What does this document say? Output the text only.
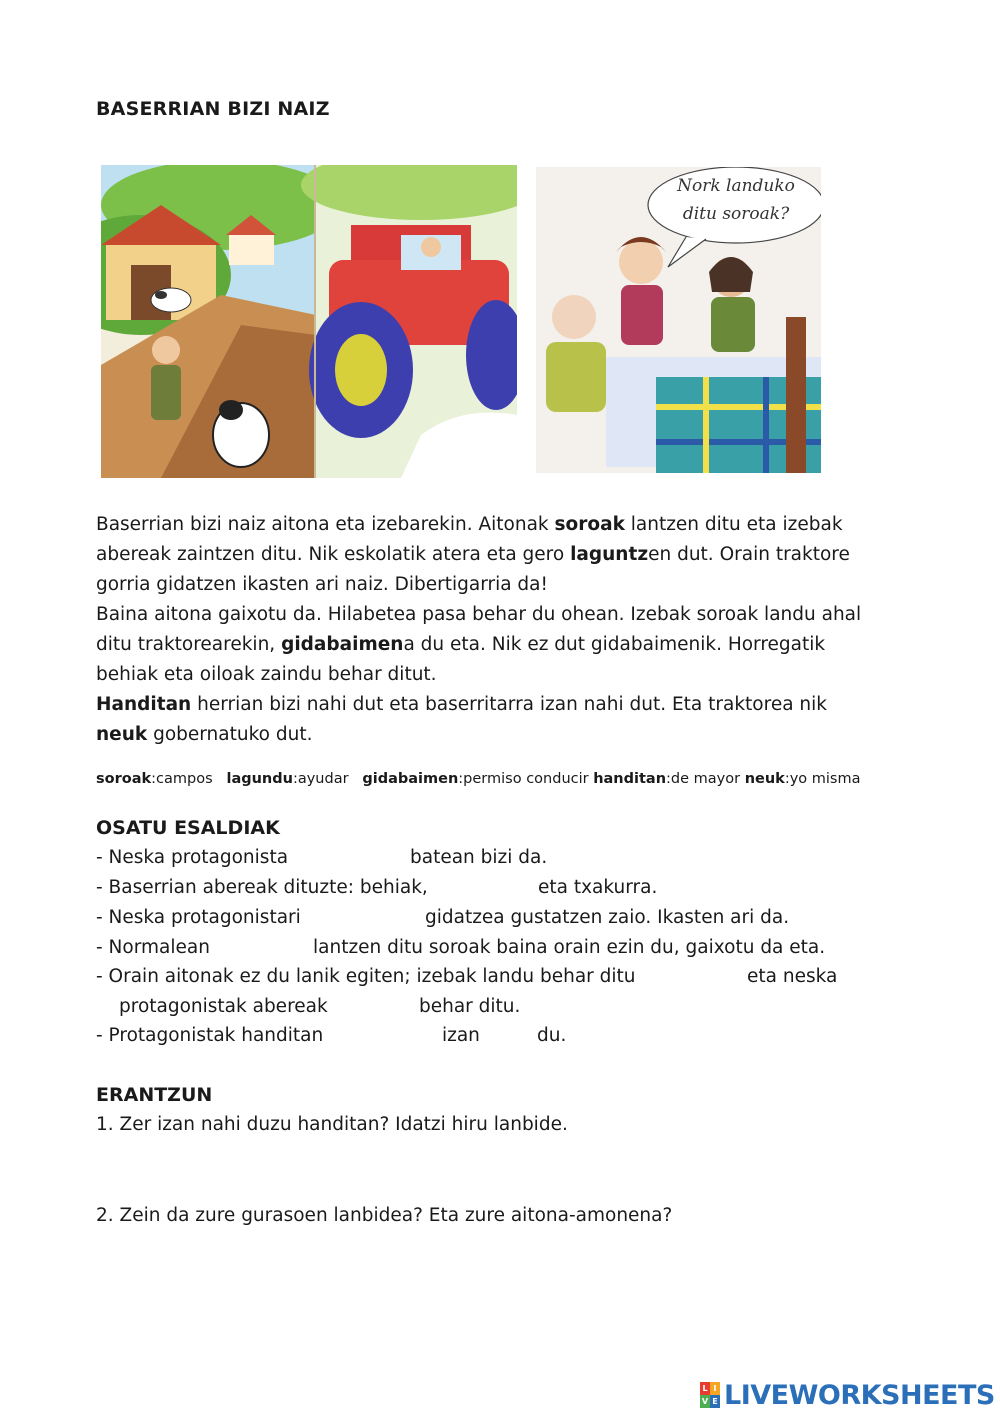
BASERRIAN BIZI NAIZ
Nork landuko
ditu soroak?
Baserrian bizi naiz aitona eta izebarekin. Aitonak soroak lantzen ditu eta izebak
abereak zaintzen ditu. Nik eskolatik atera eta gero laguntzen dut. Orain traktore
gorria gidatzen ikasten ari naiz. Dibertigarria da!
Baina aitona gaixotu da. Hilabetea pasa behar du ohean. Izebak soroak landu ahal
ditu traktorearekin, gidabaimena du eta. Nik ez dut gidabaimenik. Horregatik
behiak eta oiloak zaindu behar ditut.
Handitan herrian bizi nahi dut eta baserritarra izan nahi dut. Eta traktorea nik
neuk gobernatuko dut.
soroak:campos lagundu:ayudar gidabaimen:permiso conducir handitan:de mayor neuk:yo misma
OSATU ESALDIAK
- Neska protagonista	batean bizi da.
- Baserrian abereak dituzte: behiak,	eta txakurra.
- Neska protagonistari	gidatzea gustatzen zaio. Ikasten ari da.
- Normalean	lantzen ditu soroak baina orain ezin du, gaixotu da eta.
- Orain aitonak ez du lanik egiten; izebak landu behar ditu	eta neska
protagonistak abereak	behar ditu.
- Protagonistak handitan	izan	du.
ERANTZUN
1. Zer izan nahi duzu handitan? Idatzi hiru lanbide.
2. Zein da zure gurasoen lanbidea? Eta zure aitona-amonena?
L I
V E LIVEWORKSHEETS
